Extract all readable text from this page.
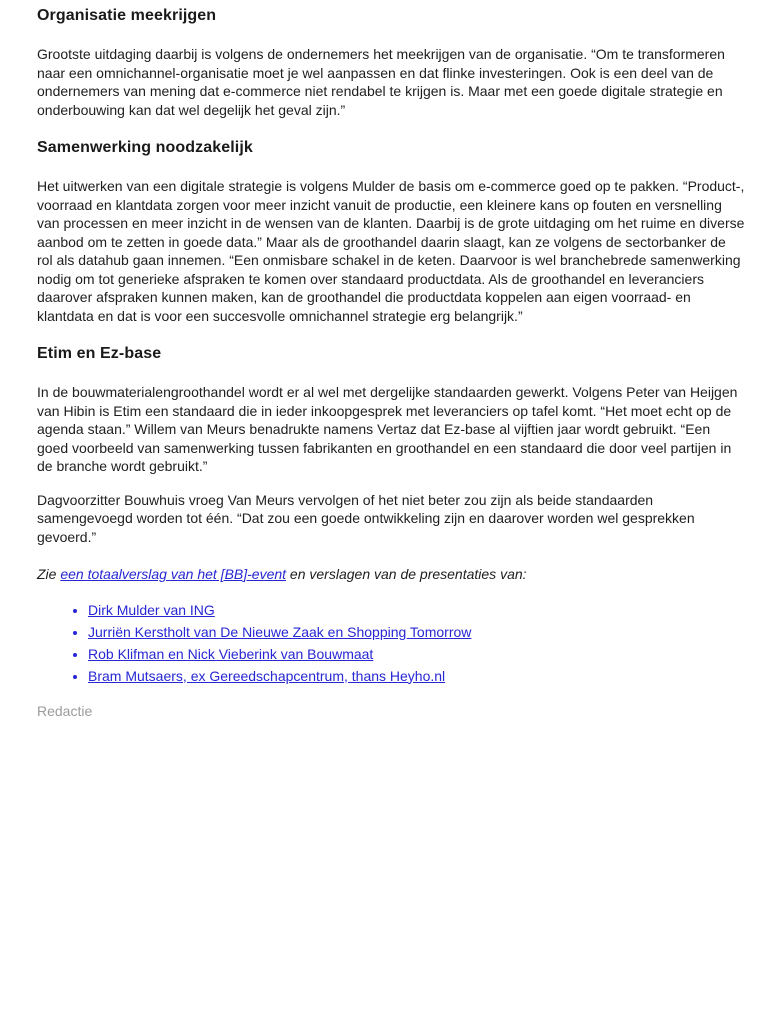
Organisatie meekrijgen

Grootste uitdaging daarbij is volgens de ondernemers het meekrijgen van de organisatie. “Om te transformeren naar een omnichannel-organisatie moet je wel aanpassen en dat flinke investeringen. Ook is een deel van de ondernemers van mening dat e-commerce niet rendabel te krijgen is. Maar met een goede digitale strategie en onderbouwing kan dat wel degelijk het geval zijn.”

Samenwerking noodzakelijk

Het uitwerken van een digitale strategie is volgens Mulder de basis om e-commerce goed op te pakken. “Product-, voorraad en klantdata zorgen voor meer inzicht vanuit de productie, een kleinere kans op fouten en versnelling van processen en meer inzicht in de wensen van de klanten. Daarbij is de grote uitdaging om het ruime en diverse aanbod om te zetten in goede data.” Maar als de groothandel daarin slaagt, kan ze volgens de sectorbanker de rol als datahub gaan innemen. “Een onmisbare schakel in de keten. Daarvoor is wel branchebrede samenwerking nodig om tot generieke afspraken te komen over standaard productdata. Als de groothandel en leveranciers daarover afspraken kunnen maken, kan de groothandel die productdata koppelen aan eigen voorraad- en klantdata en dat is voor een succesvolle omnichannel strategie erg belangrijk.”

Etim en Ez-base

In de bouwmaterialengroothandel wordt er al wel met dergelijke standaarden gewerkt. Volgens Peter van Heijgen van Hibin is Etim een standaard die in ieder inkoopgesprek met leveranciers op tafel komt. “Het moet echt op de agenda staan.” Willem van Meurs benadrukte namens Vertaz dat Ez-base al vijftien jaar wordt gebruikt. “Een goed voorbeeld van samenwerking tussen fabrikanten en groothandel en een standaard die door veel partijen in de branche wordt gebruikt.”

Dagvoorzitter Bouwhuis vroeg Van Meurs vervolgen of het niet beter zou zijn als beide standaarden samengevoegd worden tot één. “Dat zou een goede ontwikkeling zijn en daarover worden wel gesprekken gevoerd.”

Zie een totaalverslag van het [BB]-event en verslagen van de presentaties van:

• Dirk Mulder van ING
• Jurriën Kerstholt van De Nieuwe Zaak en Shopping Tomorrow
• Rob Klifman en Nick Vieberink van Bouwmaat
• Bram Mutsaers, ex Gereedschapcentrum, thans Heyho.nl

Redactie
